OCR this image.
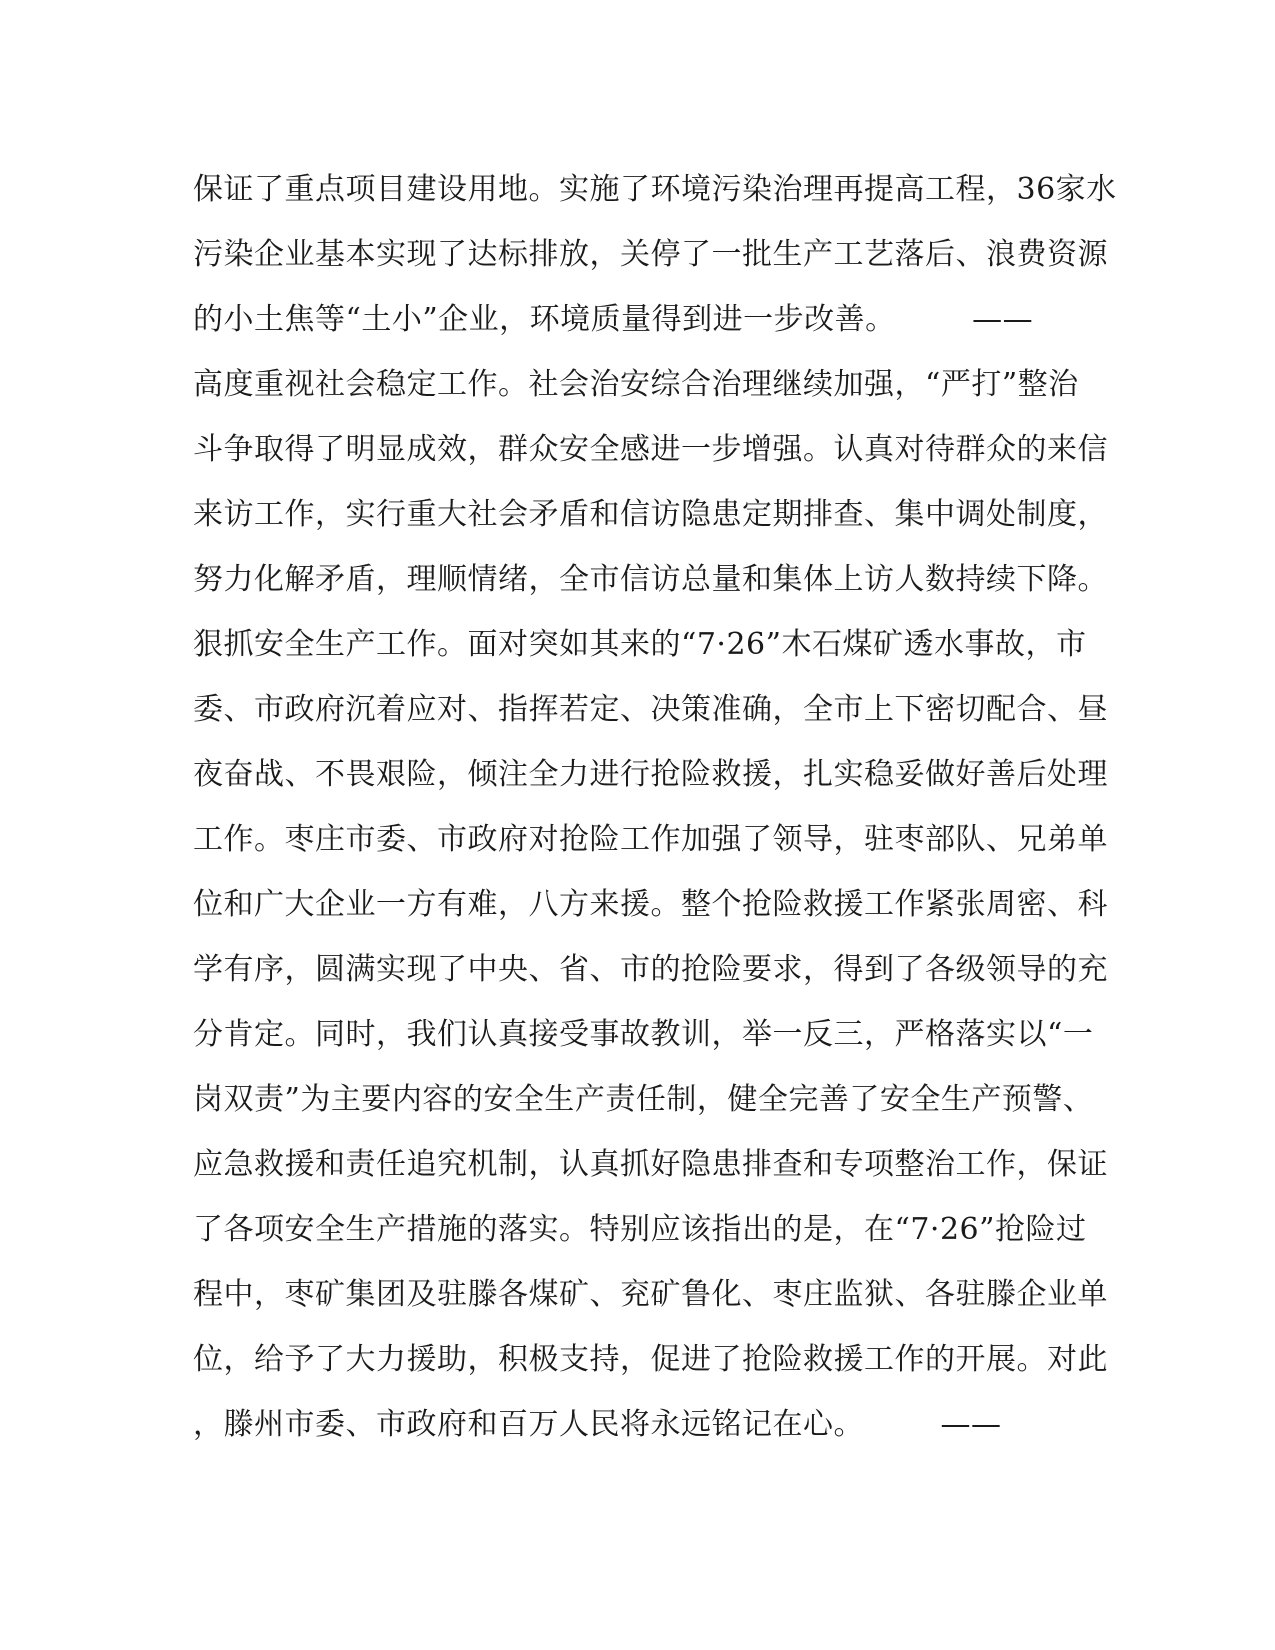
保证了重点项目建设用地。实施了环境污染治理再提高工程，36家水
污染企业基本实现了达标排放，关停了一批生产工艺落后、浪费资源
的小土焦等“土小”企业，环境质量得到进一步改善。　　　——
高度重视社会稳定工作。社会治安综合治理继续加强，“严打”整治
斗争取得了明显成效，群众安全感进一步增强。认真对待群众的来信
来访工作，实行重大社会矛盾和信访隐患定期排查、集中调处制度，
努力化解矛盾，理顺情绪，全市信访总量和集体上访人数持续下降。
狠抓安全生产工作。面对突如其来的“7·26”木石煤矿透水事故，市
委、市政府沉着应对、指挥若定、决策准确，全市上下密切配合、昼
夜奋战、不畏艰险，倾注全力进行抢险救援，扎实稳妥做好善后处理
工作。枣庄市委、市政府对抢险工作加强了领导，驻枣部队、兄弟单
位和广大企业一方有难，八方来援。整个抢险救援工作紧张周密、科
学有序，圆满实现了中央、省、市的抢险要求，得到了各级领导的充
分肯定。同时，我们认真接受事故教训，举一反三，严格落实以“一
岗双责”为主要内容的安全生产责任制，健全完善了安全生产预警、
应急救援和责任追究机制，认真抓好隐患排查和专项整治工作，保证
了各项安全生产措施的落实。特别应该指出的是，在“7·26”抢险过
程中，枣矿集团及驻滕各煤矿、兖矿鲁化、枣庄监狱、各驻滕企业单
位，给予了大力援助，积极支持，促进了抢险救援工作的开展。对此
，滕州市委、市政府和百万人民将永远铭记在心。　　　——
